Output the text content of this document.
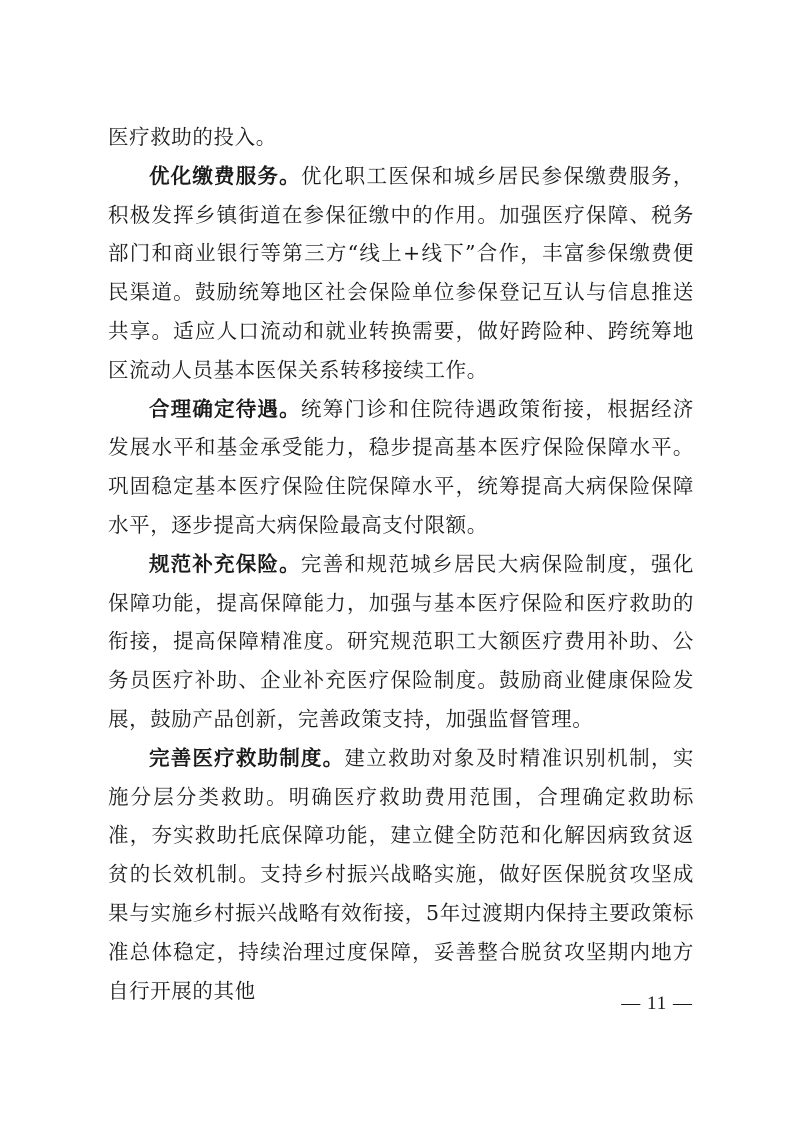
医疗救助的投入。

优化缴费服务。优化职工医保和城乡居民参保缴费服务，积极发挥乡镇街道在参保征缴中的作用。加强医疗保障、税务部门和商业银行等第三方“线上+线下”合作，丰富参保缴费便民渠道。鼓励统筹地区社会保险单位参保登记互认与信息推送共享。适应人口流动和就业转换需要，做好跨险种、跨统筹地区流动人员基本医保关系转移接续工作。

合理确定待遇。统筹门诊和住院待遇政策衔接，根据经济发展水平和基金承受能力，稳步提高基本医疗保险保障水平。巩固稳定基本医疗保险住院保障水平，统筹提高大病保险保障水平，逐步提高大病保险最高支付限额。

规范补充保险。完善和规范城乡居民大病保险制度，强化保障功能，提高保障能力，加强与基本医疗保险和医疗救助的衔接，提高保障精准度。研究规范职工大额医疗费用补助、公务员医疗补助、企业补充医疗保险制度。鼓励商业健康保险发展，鼓励产品创新，完善政策支持，加强监督管理。

完善医疗救助制度。建立救助对象及时精准识别机制，实施分层分类救助。明确医疗救助费用范围，合理确定救助标准，夯实救助托底保障功能，建立健全防范和化解因病致贫返贫的长效机制。支持乡村振兴战略实施，做好医保脱贫攻坚成果与实施乡村振兴战略有效衔接，5年过渡期内保持主要政策标准总体稳定，持续治理过度保障，妥善整合脱贫攻坚期内地方自行开展的其他

— 11 —
